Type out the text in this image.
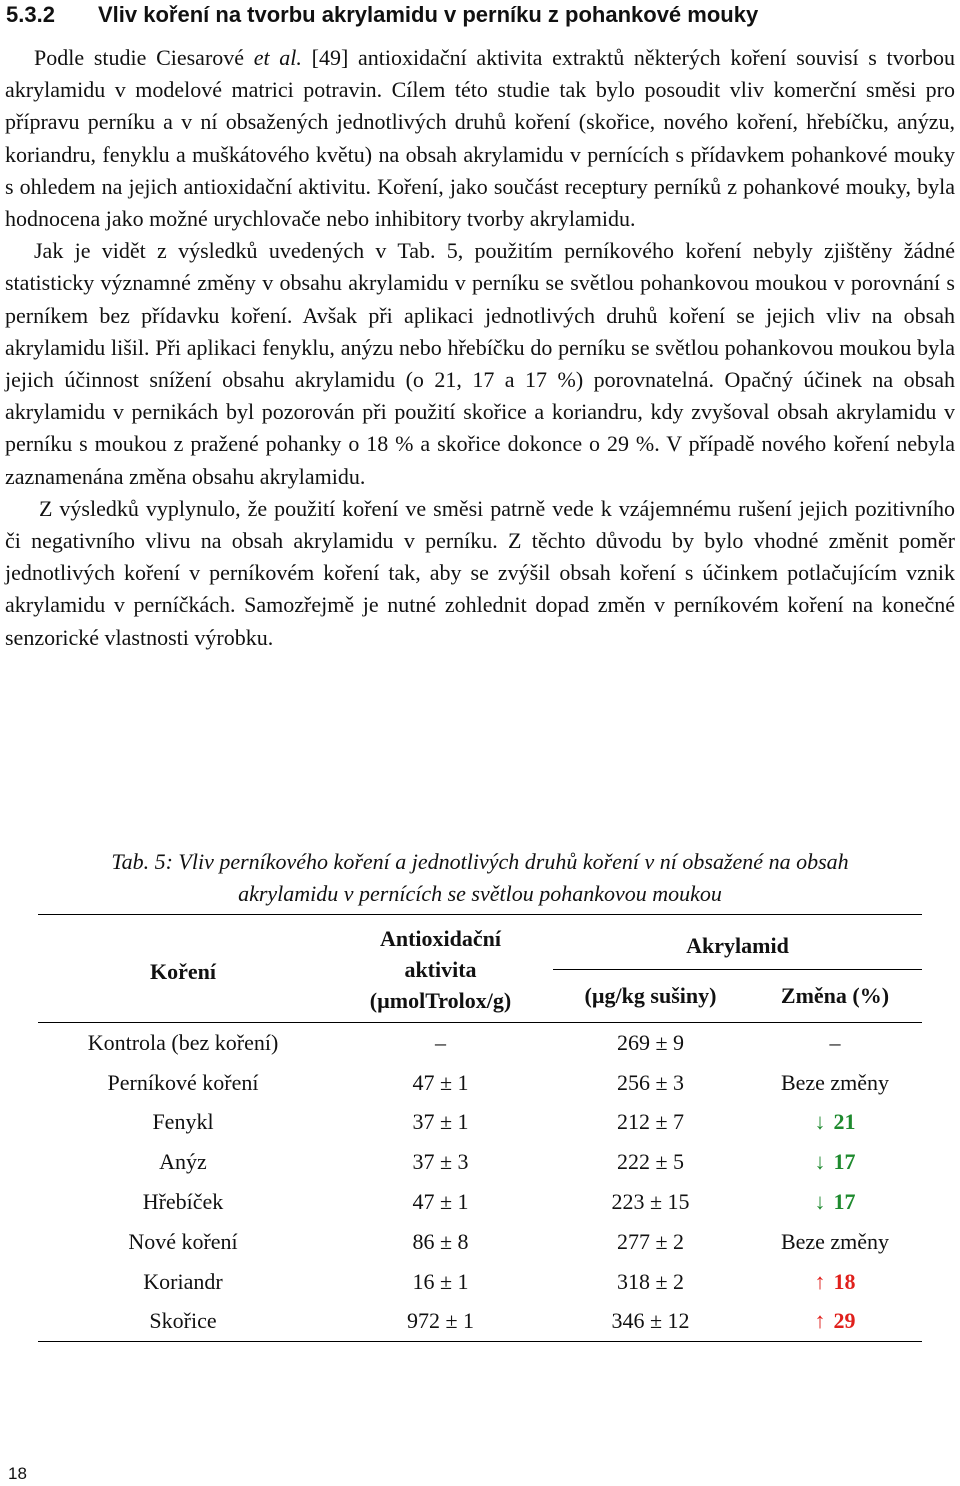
5.3.2 Vliv koření na tvorbu akrylamidu v perníku z pohankové mouky

Podle studie Ciesarové et al. [49] antioxidační aktivita extraktů některých koření souvisí s tvorbou akrylamidu v modelové matrici potravin. Cílem této studie tak bylo posoudit vliv komerční směsi pro přípravu perníku a v ní obsažených jednotlivých druhů koření (skořice, nového koření, hřebíčku, anýzu, koriandru, fenyklu a muškátového květu) na obsah akrylamidu v pernících s přídavkem pohankové mouky s ohledem na jejich antioxidační aktivitu. Koření, jako součást receptury perníků z pohankové mouky, byla hodnocena jako možné urychlovače nebo inhibitory tvorby akrylamidu.

Jak je vidět z výsledků uvedených v Tab. 5, použitím perníkového koření nebyly zjištěny žádné statisticky významné změny v obsahu akrylamidu v perníku se světlou pohankovou moukou v porovnání s perníkem bez přídavku koření. Avšak při aplikaci jednotlivých druhů koření se jejich vliv na obsah akrylamidu lišil. Při aplikaci fenyklu, anýzu nebo hřebíčku do perníku se světlou pohankovou moukou byla jejich účinnost snížení obsahu akrylamidu (o 21, 17 a 17 %) porovnatelná. Opačný účinek na obsah akrylamidu v pernikách byl pozorován při použití skořice a koriandru, kdy zvyšoval obsah akrylamidu v perníku s moukou z pražené pohanky o 18 % a skořice dokonce o 29 %. V případě nového koření nebyla zaznamenána změna obsahu akrylamidu.

Z výsledků vyplynulo, že použití koření ve směsi patrně vede k vzájemnému rušení jejich pozitivního či negativního vlivu na obsah akrylamidu v perníku. Z těchto důvodu by bylo vhodné změnit poměr jednotlivých koření v perníkovém koření tak, aby se zvýšil obsah koření s účinkem potlačujícím vznik akrylamidu v perníčkách. Samozřejmě je nutné zohlednit dopad změn v perníkovém koření na konečné senzorické vlastnosti výrobku.

Tab. 5: Vliv perníkového koření a jednotlivých druhů koření v ní obsažené na obsah
akrylamidu v pernících se světlou pohankovou moukou
Koření	Antioxidační
aktivita
(µmolTrolox/g)	Akrylamid	
		(µg/kg sušiny)	Změna (%)
Kontrola (bez koření)	–	269 ± 9	–
Perníkové koření	47 ± 1	256 ± 3	Beze změny
Fenykl	37 ± 1	212 ± 7	↓ 21
Anýz	37 ± 3	222 ± 5	↓ 17
Hřebíček	47 ± 1	223 ± 15	↓ 17
Nové koření	86 ± 8	277 ± 2	Beze změny
Koriandr	16 ± 1	318 ± 2	↑ 18
Skořice	972 ± 1	346 ± 12	↑ 29
18
